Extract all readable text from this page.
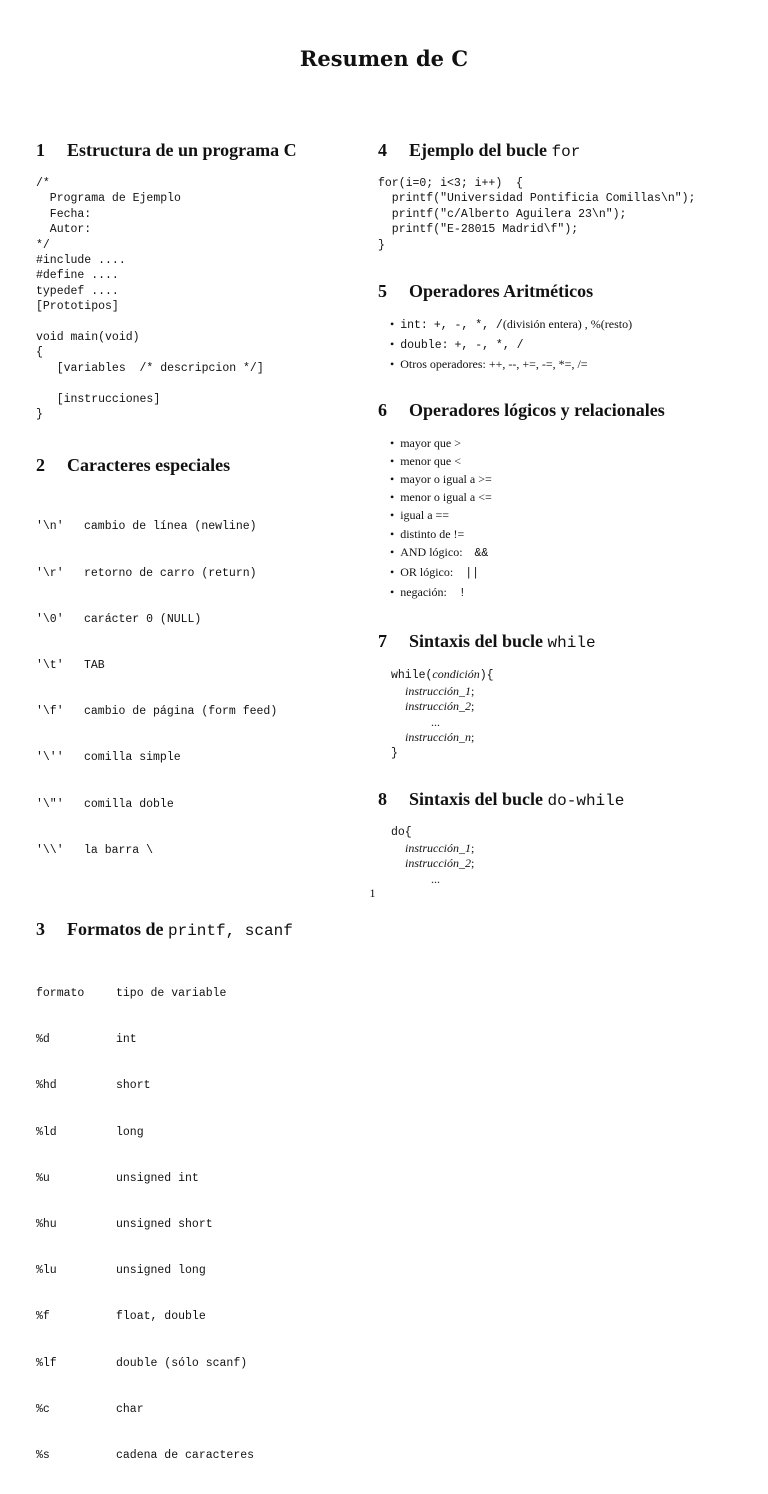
Resumen de C
1 Estructura de un programa C
/*
Programa de Ejemplo
Fecha:
Autor:
*/
#include ....
#define ....
typedef ....
[Prototipos]

void main(void)
{
[variables  /* descripcion */]

[instrucciones]
}
2 Caracteres especiales

'\n'	cambio de línea (newline)

'\r'	retorno de carro (return)

'\0'	carácter 0 (NULL)

'\t'	TAB

'\f'	cambio de página (form feed)

'\''	comilla simple

'\"'	comilla doble

'\\'	la barra \

3 Formatos de printf, scanf

formato	tipo de variable

%d	int

%hd	short

%ld	long

%u	unsigned int

%hu	unsigned short

%lu	unsigned long

%f	float, double

%lf	double (sólo scanf)

%c	char

%s	cadena de caracteres

4 Ejemplo del bucle for
for(i=0; i<3; i++)  {
printf("Universidad Pontificia Comillas\n");
printf("c/Alberto Aguilera 23\n");
printf("E-28015 Madrid\f");
}
5 Operadores Aritméticos
• int: +, -, *, /(división entera) , %(resto)
• double: +, -, *, /
• Otros operadores: ++, --, +=, -=, *=, /=
6 Operadores lógicos y relacionales
• mayor que >
• menor que <
• mayor o igual a >=
• menor o igual a <=
• igual a ==
• distinto de !=
• AND lógico: &&
• OR lógico: ||
• negación: !
7 Sintaxis del bucle while
while(condición){
instrucción_1;
instrucción_2;
...
instrucción_n;
}
8 Sintaxis del bucle do-while
do{
instrucción_1;
instrucción_2;
...
1
